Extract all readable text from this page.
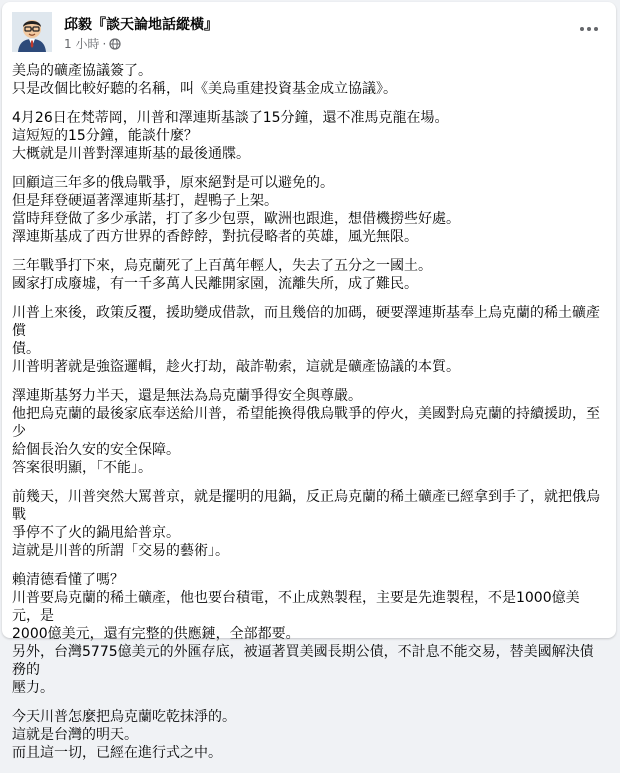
邱毅『談天論地話縱橫』
1 小時 ·
美烏的礦產協議簽了。
只是改個比較好聽的名稱，叫《美烏重建投資基金成立協議》。
4月26日在梵蒂岡，川普和澤連斯基談了15分鐘，還不准馬克龍在場。
這短短的15分鐘，能談什麼？
大概就是川普對澤連斯基的最後通牒。
回顧這三年多的俄烏戰爭，原來絕對是可以避免的。
但是拜登硬逼著澤連斯基打，趕鴨子上架。
當時拜登做了多少承諾，打了多少包票，歐洲也跟進，想借機撈些好處。
澤連斯基成了西方世界的香餑餑，對抗侵略者的英雄，風光無限。
三年戰爭打下來，烏克蘭死了上百萬年輕人，失去了五分之一國土。
國家打成廢墟，有一千多萬人民離開家園，流離失所，成了難民。
川普上來後，政策反覆，援助變成借款，而且幾倍的加碼，硬要澤連斯基奉上烏克蘭的稀土礦產償
債。
川普明著就是強盜邏輯，趁火打劫，敲詐勒索，這就是礦產協議的本質。
澤連斯基努力半天，還是無法為烏克蘭爭得安全與尊嚴。
他把烏克蘭的最後家底奉送給川普，希望能換得俄烏戰爭的停火，美國對烏克蘭的持續援助，至少
給個長治久安的安全保障。
答案很明顯，「不能」。
前幾天，川普突然大罵普京，就是擺明的甩鍋，反正烏克蘭的稀土礦產已經拿到手了，就把俄烏戰
爭停不了火的鍋甩給普京。
這就是川普的所謂「交易的藝術」。
賴清德看懂了嗎？
川普要烏克蘭的稀土礦產，他也要台積電，不止成熟製程，主要是先進製程，不是1000億美元，是
2000億美元，還有完整的供應鏈，全部都要。
另外，台灣5775億美元的外匯存底，被逼著買美國長期公債，不計息不能交易，替美國解決債務的
壓力。
今天川普怎麼把烏克蘭吃乾抹淨的。
這就是台灣的明天。
而且這一切，已經在進行式之中。
